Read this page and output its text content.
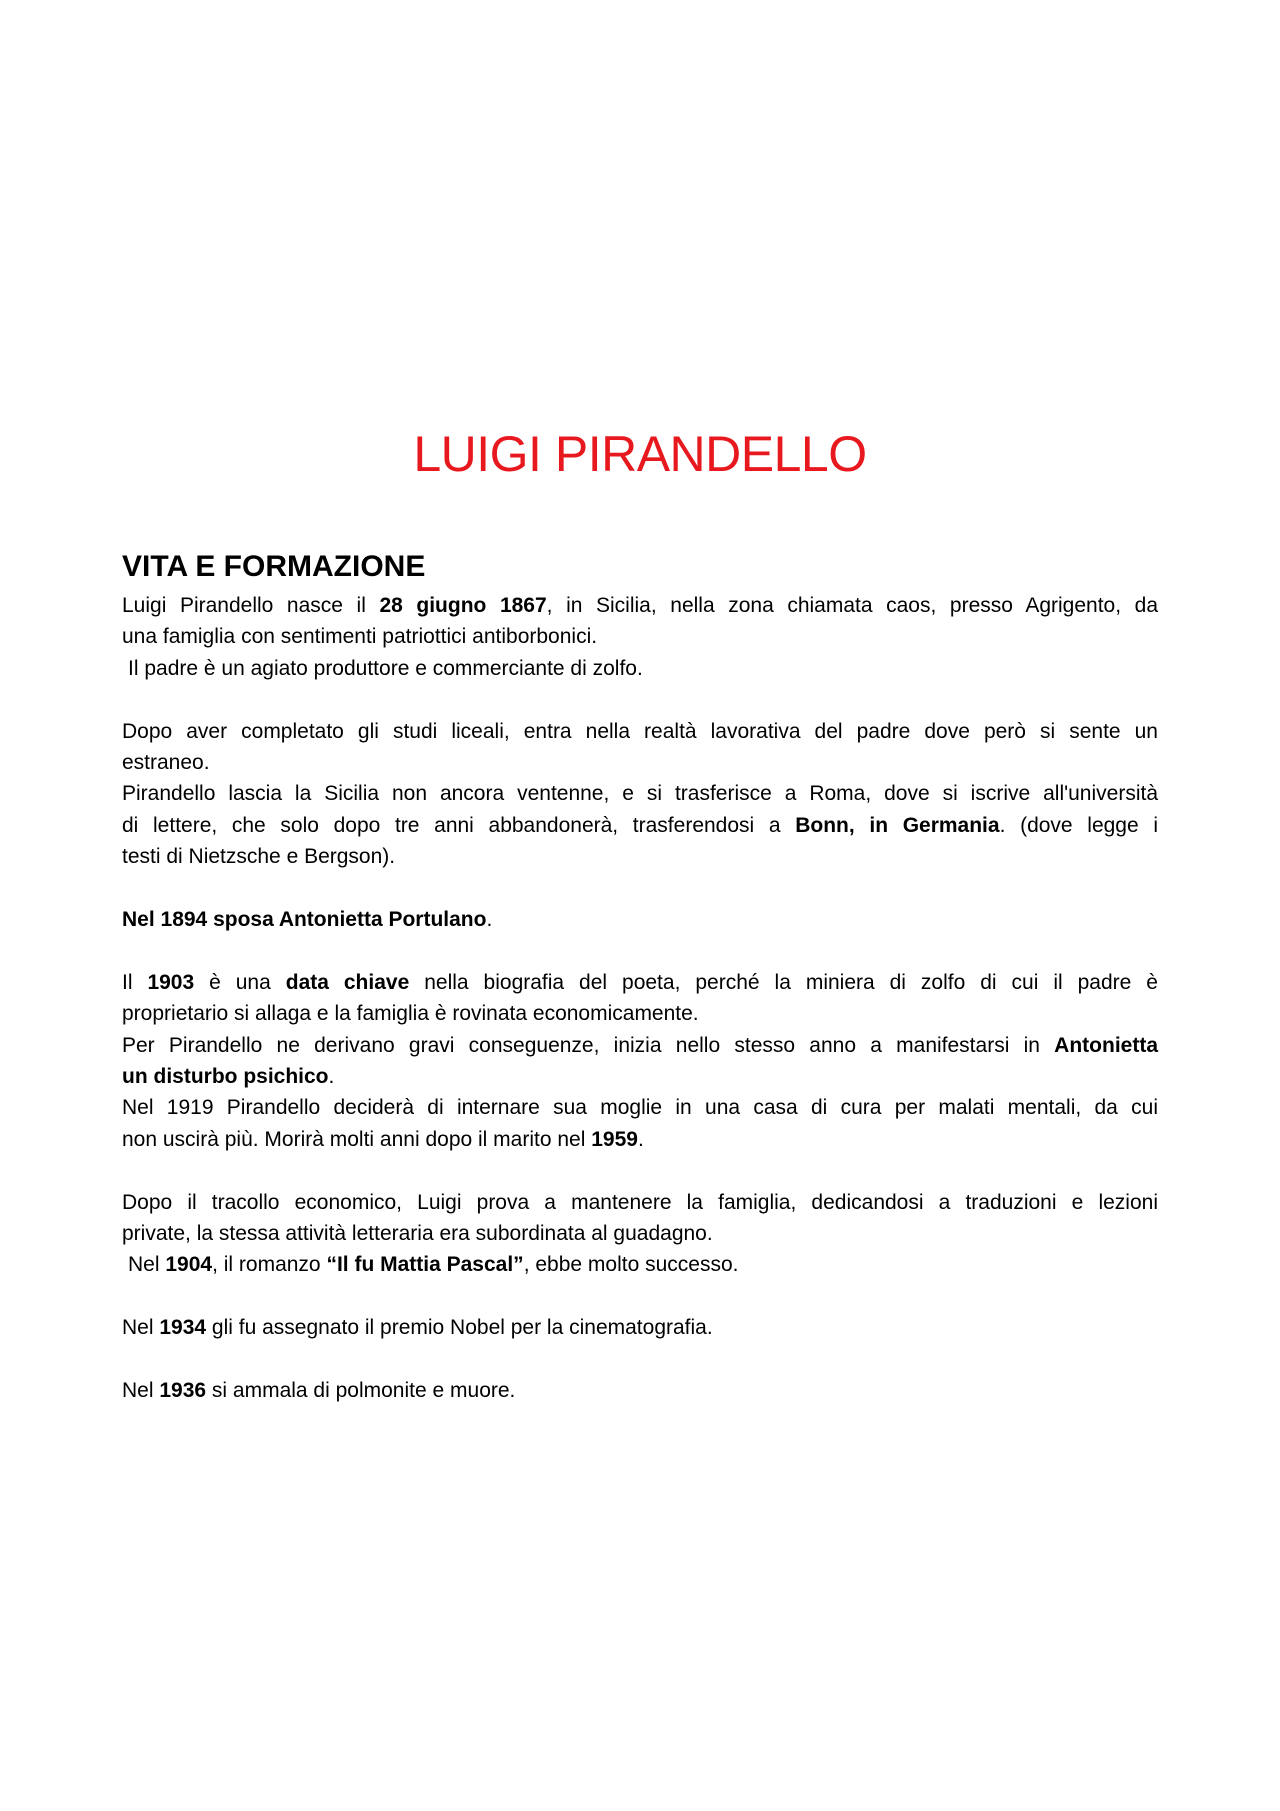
LUIGI PIRANDELLO
VITA E FORMAZIONE
Luigi Pirandello nasce il 28 giugno 1867, in Sicilia, nella zona chiamata caos, presso Agrigento, da
una famiglia con sentimenti patriottici antiborbonici.
Il padre è un agiato produttore e commerciante di zolfo.
Dopo aver completato gli studi liceali, entra nella realtà lavorativa del padre dove però si sente un
estraneo.
Pirandello lascia la Sicilia non ancora ventenne, e si trasferisce a Roma, dove si iscrive all'università
di lettere, che solo dopo tre anni abbandonerà, trasferendosi a Bonn, in Germania. (dove legge i
testi di Nietzsche e Bergson).
Nel 1894 sposa Antonietta Portulano.
Il 1903 è una data chiave nella biografia del poeta, perché la miniera di zolfo di cui il padre è
proprietario si allaga e la famiglia è rovinata economicamente.
Per Pirandello ne derivano gravi conseguenze, inizia nello stesso anno a manifestarsi in Antonietta
un disturbo psichico.
Nel 1919 Pirandello deciderà di internare sua moglie in una casa di cura per malati mentali, da cui
non uscirà più. Morirà molti anni dopo il marito nel 1959.
Dopo il tracollo economico, Luigi prova a mantenere la famiglia, dedicandosi a traduzioni e lezioni
private, la stessa attività letteraria era subordinata al guadagno.
Nel 1904, il romanzo “Il fu Mattia Pascal”, ebbe molto successo.
Nel 1934 gli fu assegnato il premio Nobel per la cinematografia.
Nel 1936 si ammala di polmonite e muore.
